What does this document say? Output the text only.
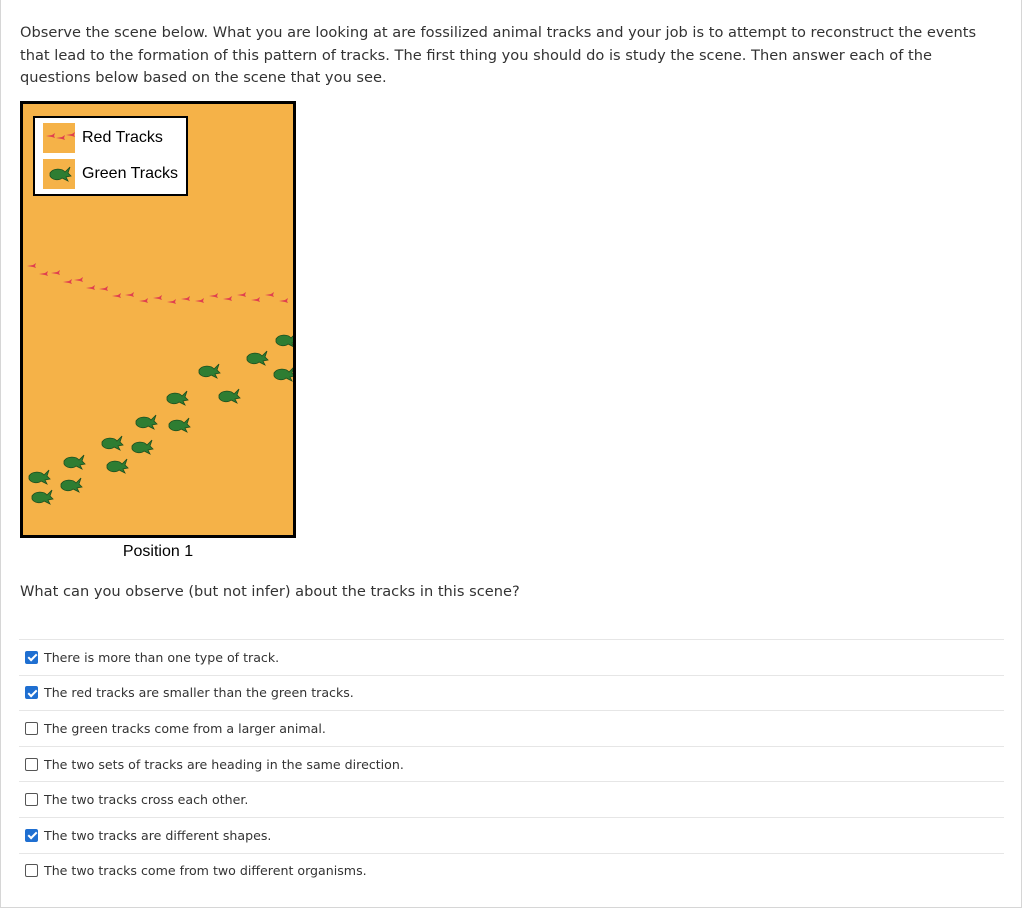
Observe the scene below. What you are looking at are fossilized animal tracks and your job is to attempt to reconstruct the events that lead to the formation of this pattern of tracks. The first thing you should do is study the scene. Then answer each of the questions below based on the scene that you see.
Red Tracks
Green Tracks
Position 1
What can you observe (but not infer) about the tracks in this scene?
There is more than one type of track.
The red tracks are smaller than the green tracks.
The green tracks come from a larger animal.
The two sets of tracks are heading in the same direction.
The two tracks cross each other.
The two tracks are different shapes.
The two tracks come from two different organisms.
